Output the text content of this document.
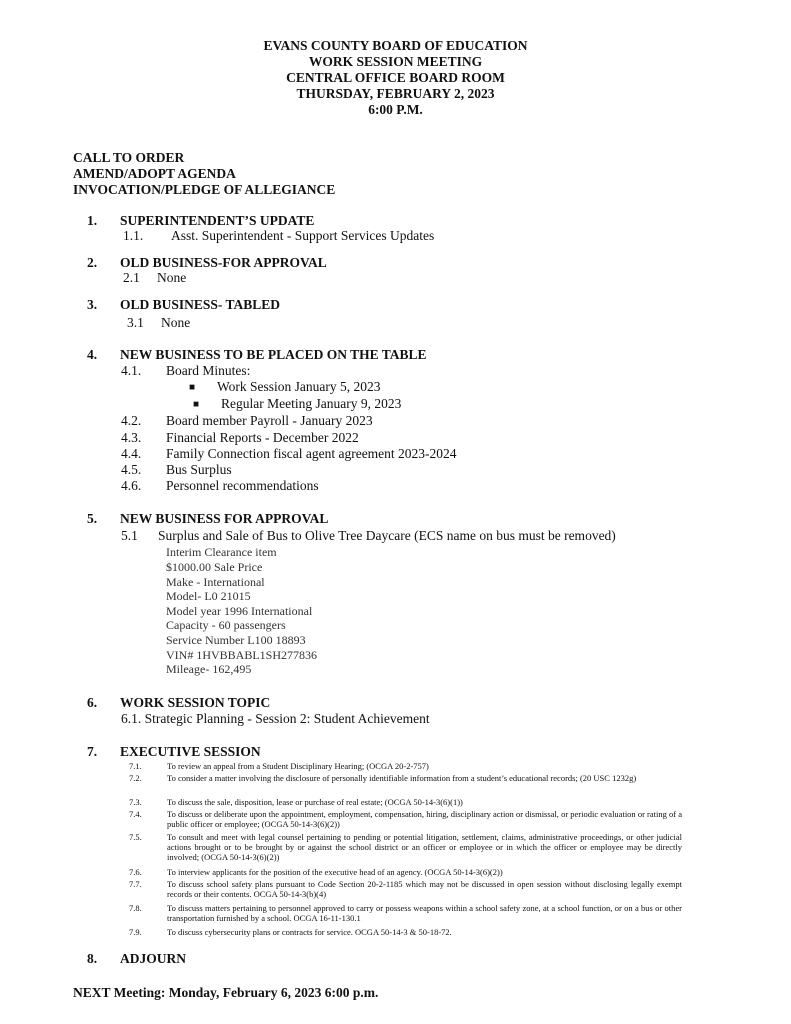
EVANS COUNTY BOARD OF EDUCATION
WORK SESSION MEETING
CENTRAL OFFICE BOARD ROOM
THURSDAY, FEBRUARY 2, 2023
6:00 P.M.
CALL TO ORDER
AMEND/ADOPT AGENDA
INVOCATION/PLEDGE OF ALLEGIANCE
1. SUPERINTENDENT’S UPDATE
1.1. Asst. Superintendent - Support Services Updates
2. OLD BUSINESS-FOR APPROVAL
2.1 None
3. OLD BUSINESS- TABLED
3.1 None
4. NEW BUSINESS TO BE PLACED ON THE TABLE
4.1. Board Minutes:
■ Work Session January 5, 2023
■ Regular Meeting January 9, 2023
4.2. Board member Payroll - January 2023
4.3. Financial Reports - December 2022
4.4. Family Connection fiscal agent agreement 2023-2024
4.5. Bus Surplus
4.6. Personnel recommendations
5. NEW BUSINESS FOR APPROVAL
5.1 Surplus and Sale of Bus to Olive Tree Daycare (ECS name on bus must be removed)
Interim Clearance item
$1000.00 Sale Price
Make - International
Model- L0 21015
Model year 1996 International
Capacity - 60 passengers
Service Number L100 18893
VIN# 1HVBBABL1SH277836
Mileage- 162,495
6. WORK SESSION TOPIC
6.1. Strategic Planning - Session 2: Student Achievement
7. EXECUTIVE SESSION
7.1.	To review an appeal from a Student Disciplinary Hearing; (OCGA 20-2-757)
7.2.	To consider a matter involving the disclosure of personally identifiable information from a student’s educational records; (20 USC 1232g)
7.3.	To discuss the sale, disposition, lease or purchase of real estate; (OCGA 50-14-3(6)(1))
7.4.	To discuss or deliberate upon the appointment, employment, compensation, hiring, disciplinary action or dismissal, or periodic evaluation or rating of a public officer or employee; (OCGA 50-14-3(6)(2))
7.5.	To consult and meet with legal counsel pertaining to pending or potential litigation, settlement, claims, administrative proceedings, or other judicial actions brought or to be brought by or against the school district or an officer or employee or in which the officer or employee may be directly involved; (OCGA 50-14-3(6)(2))
7.6.	To interview applicants for the position of the executive head of an agency. (OCGA 50-14-3(6)(2))
7.7.	To discuss school safety plans pursuant to Code Section 20-2-1185 which may not be discussed in open session without disclosing legally exempt records or their contents. OCGA 50-14-3(b)(4)
7.8.	To discuss matters pertaining to personnel approved to carry or possess weapons within a school safety zone, at a school function, or on a bus or other transportation furnished by a school. OCGA 16-11-130.1
7.9.	To discuss cybersecurity plans or contracts for service. OCGA 50-14-3 & 50-18-72.
8. ADJOURN
NEXT Meeting: Monday, February 6, 2023 6:00 p.m.
